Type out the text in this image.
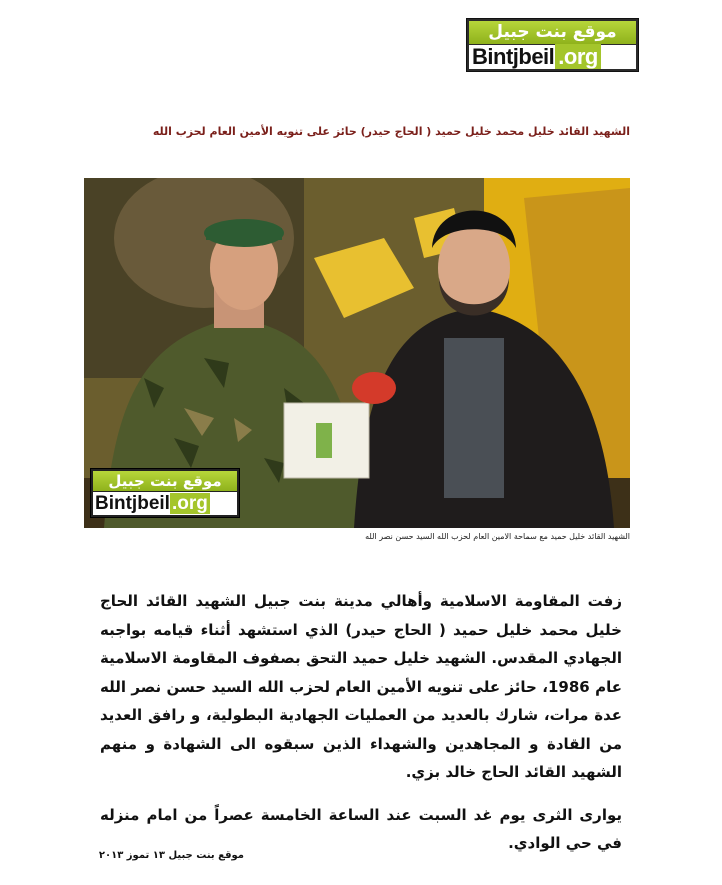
موقع بنت جبيل
Bintjbeil .org
الشهيد القائد خليل محمد خليل حميد ( الحاج حيدر) حائز على تنويه الأمين العام لحزب الله
موقع بنت جبيل
Bintjbeil .org
الشهيد القائد خليل حميد مع سماحة الامين العام لحزب الله السيد حسن نصر الله

زفت المقاومة الاسلامية وأهالي مدينة بنت جبيل الشهيد القائد الحاج خليل محمد خليل حميد ( الحاج حيدر) الذي استشهد أثناء قيامه بواجبه الجهادي المقدس. الشهيد خليل حميد التحق بصفوف المقاومة الاسلامية عام 1986، حائز على تنويه الأمين العام لحزب الله السيد حسن نصر الله عدة مرات، شارك بالعديد من العمليات الجهادية البطولية، و رافق العديد من القادة و المجاهدين والشهداء الذين سبقوه الى الشهادة و منهم الشهيد القائد الحاج خالد بزي.

يوارى الثرى يوم غد السبت عند الساعة الخامسة عصراً من امام منزله في حي الوادي.

موقع بنت جبيل ١٣ تموز ٢٠١٣
